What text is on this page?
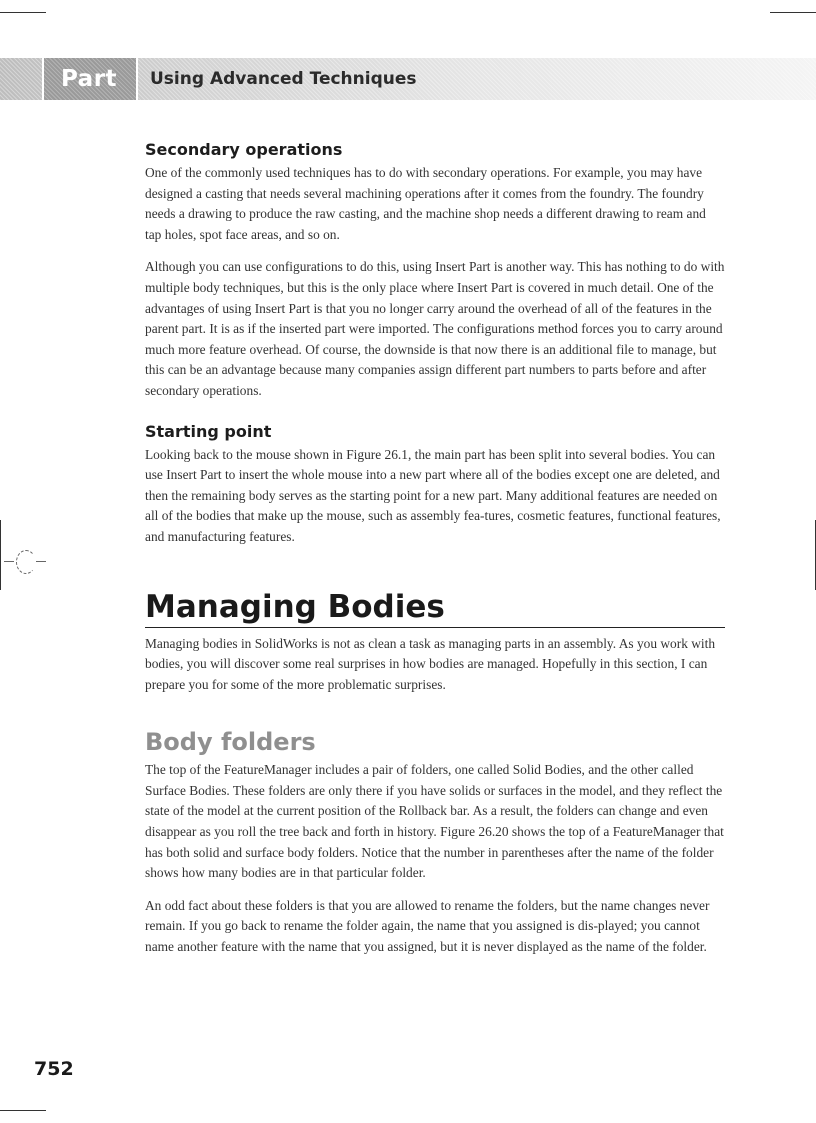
Part VI
Using Advanced Techniques
Secondary operations

One of the commonly used techniques has to do with secondary operations. For example, you may have designed a casting that needs several machining operations after it comes from the foundry. The foundry needs a drawing to produce the raw casting, and the machine shop needs a different drawing to ream and tap holes, spot face areas, and so on.

Although you can use configurations to do this, using Insert Part is another way. This has nothing to do with multiple body techniques, but this is the only place where Insert Part is covered in much detail. One of the advantages of using Insert Part is that you no longer carry around the overhead of all of the features in the parent part. It is as if the inserted part were imported. The configurations method forces you to carry around much more feature overhead. Of course, the downside is that now there is an additional file to manage, but this can be an advantage because many companies assign different part numbers to parts before and after secondary operations.

Starting point

Looking back to the mouse shown in Figure 26.1, the main part has been split into several bodies. You can use Insert Part to insert the whole mouse into a new part where all of the bodies except one are deleted, and then the remaining body serves as the starting point for a new part. Many additional features are needed on all of the bodies that make up the mouse, such as assembly fea-tures, cosmetic features, functional features, and manufacturing features.

Managing Bodies

Managing bodies in SolidWorks is not as clean a task as managing parts in an assembly. As you work with bodies, you will discover some real surprises in how bodies are managed. Hopefully in this section, I can prepare you for some of the more problematic surprises.

Body folders

The top of the FeatureManager includes a pair of folders, one called Solid Bodies, and the other called Surface Bodies. These folders are only there if you have solids or surfaces in the model, and they reflect the state of the model at the current position of the Rollback bar. As a result, the folders can change and even disappear as you roll the tree back and forth in history. Figure 26.20 shows the top of a FeatureManager that has both solid and surface body folders. Notice that the number in parentheses after the name of the folder shows how many bodies are in that particular folder.

An odd fact about these folders is that you are allowed to rename the folders, but the name changes never remain. If you go back to rename the folder again, the name that you assigned is dis-played; you cannot name another feature with the name that you assigned, but it is never displayed as the name of the folder.

752
